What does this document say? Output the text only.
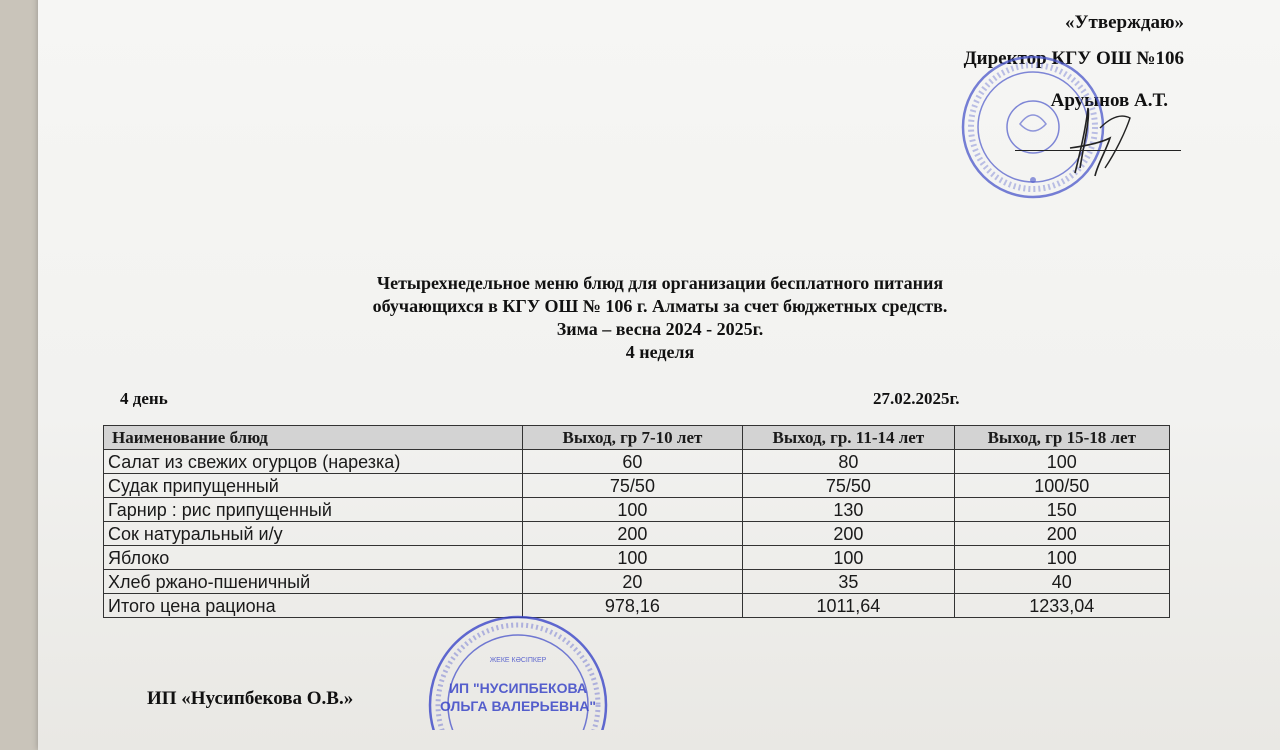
«Утверждаю»
Директор КГУ ОШ №106
Аруынов А.Т.
Четырехнедельное меню блюд для организации бесплатного питания
обучающихся в КГУ ОШ № 106 г. Алматы за счет бюджетных средств.
Зима – весна 2024 - 2025г.
4 неделя
4 день	27.02.2025г.
Наименование блюд	Выход, гр 7-10 лет	Выход, гр. 11-14 лет	Выход, гр 15-18 лет
Салат из свежих огурцов (нарезка)	60	80	100
Судак припущенный	75/50	75/50	100/50
Гарнир : рис припущенный	100	130	150
Сок натуральный и/у	200	200	200
Яблоко	100	100	100
Хлеб ржано-пшеничный	20	35	40
Итого цена рациона	978,16	1011,64	1233,04
ЖЕКЕ КӘСІПКЕР
ИП "НУСИПБЕКОВА
ОЛЬГА ВАЛЕРЬЕВНА"
ИП «Нусипбекова О.В.»
